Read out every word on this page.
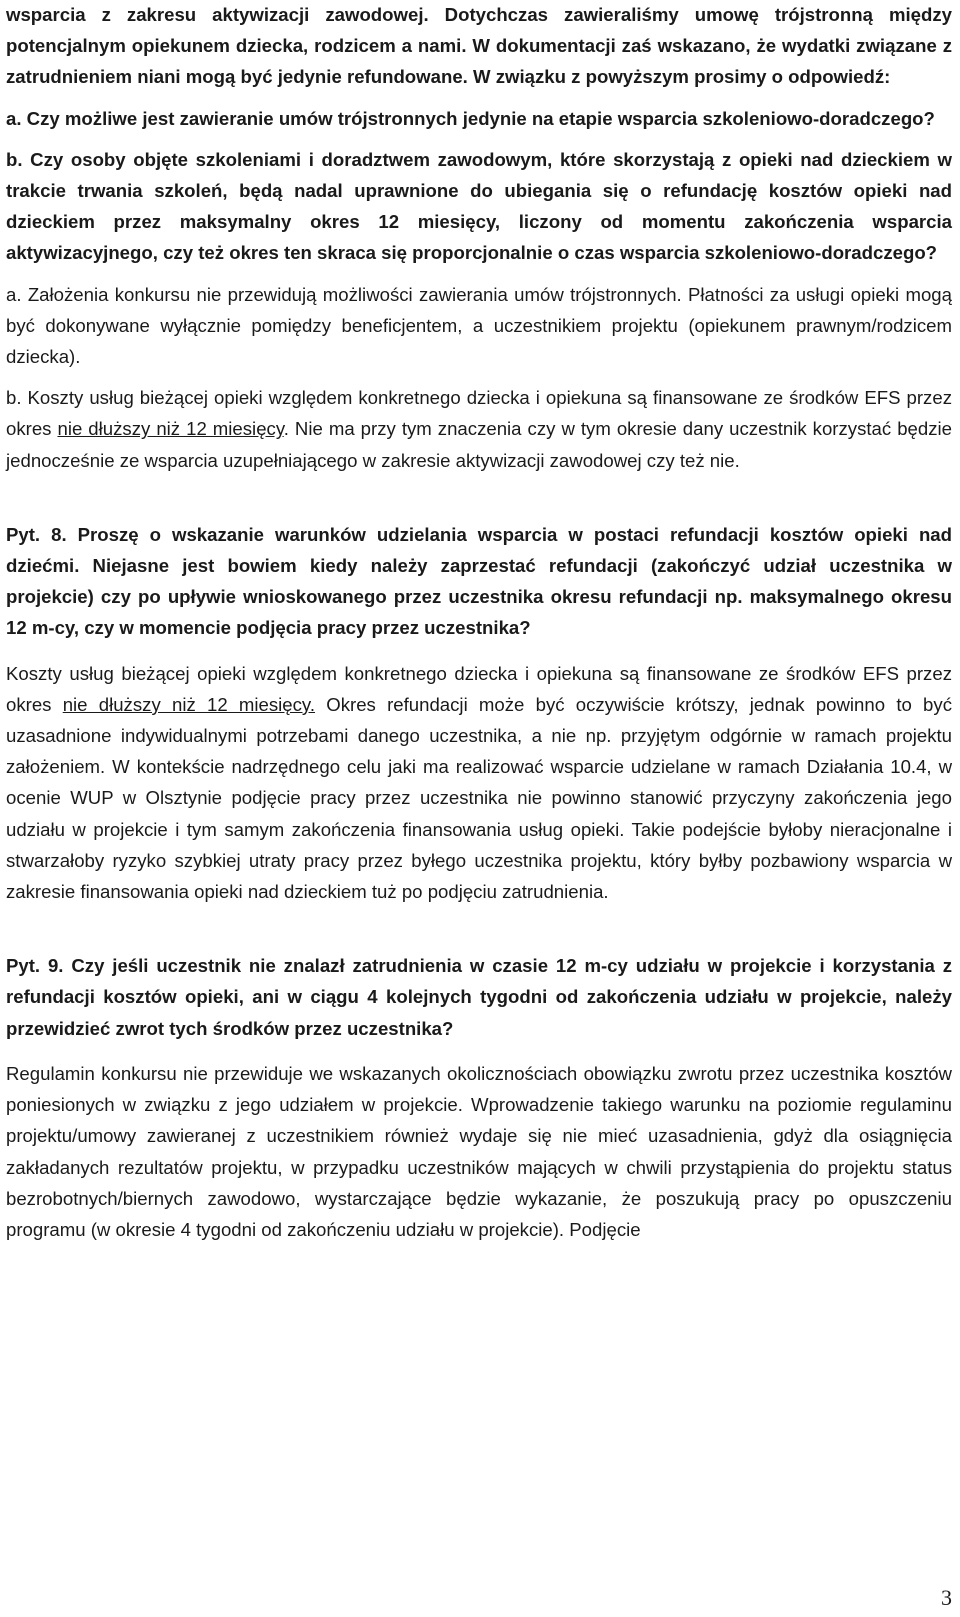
wsparcia z zakresu aktywizacji zawodowej. Dotychczas zawieraliśmy umowę trójstronną między potencjalnym opiekunem dziecka, rodzicem a nami. W dokumentacji zaś wskazano, że wydatki związane z zatrudnieniem niani mogą być jedynie refundowane. W związku z powyższym prosimy o odpowiedź:

a. Czy możliwe jest zawieranie umów trójstronnych jedynie na etapie wsparcia szkoleniowo-doradczego?

b. Czy osoby objęte szkoleniami i doradztwem zawodowym, które skorzystają z opieki nad dzieckiem w trakcie trwania szkoleń, będą nadal uprawnione do ubiegania się o refundację kosztów opieki nad dzieckiem przez maksymalny okres 12 miesięcy, liczony od momentu zakończenia wsparcia aktywizacyjnego, czy też okres ten skraca się proporcjonalnie o czas wsparcia szkoleniowo-doradczego?

a. Założenia konkursu nie przewidują możliwości zawierania umów trójstronnych. Płatności za usługi opieki mogą być dokonywane wyłącznie pomiędzy beneficjentem, a uczestnikiem projektu (opiekunem prawnym/rodzicem dziecka).

b. Koszty usług bieżącej opieki względem konkretnego dziecka i opiekuna są finansowane ze środków EFS przez okres nie dłuższy niż 12 miesięcy. Nie ma przy tym znaczenia czy w tym okresie dany uczestnik korzystać będzie jednocześnie ze wsparcia uzupełniającego w zakresie aktywizacji zawodowej czy też nie.

Pyt. 8. Proszę o wskazanie warunków udzielania wsparcia w postaci refundacji kosztów opieki nad dziećmi. Niejasne jest bowiem kiedy należy zaprzestać refundacji (zakończyć udział uczestnika w projekcie) czy po upływie wnioskowanego przez uczestnika okresu refundacji np. maksymalnego okresu 12 m-cy, czy w momencie podjęcia pracy przez uczestnika?

Koszty usług bieżącej opieki względem konkretnego dziecka i opiekuna są finansowane ze środków EFS przez okres nie dłuższy niż 12 miesięcy. Okres refundacji może być oczywiście krótszy, jednak powinno to być uzasadnione indywidualnymi potrzebami danego uczestnika, a nie np. przyjętym odgórnie w ramach projektu założeniem. W kontekście nadrzędnego celu jaki ma realizować wsparcie udzielane w ramach Działania 10.4, w ocenie WUP w Olsztynie podjęcie pracy przez uczestnika nie powinno stanowić przyczyny zakończenia jego udziału w projekcie i tym samym zakończenia finansowania usług opieki. Takie podejście byłoby nieracjonalne i stwarzałoby ryzyko szybkiej utraty pracy przez byłego uczestnika projektu, który byłby pozbawiony wsparcia w zakresie finansowania opieki nad dzieckiem tuż po podjęciu zatrudnienia.

Pyt. 9. Czy jeśli uczestnik nie znalazł zatrudnienia w czasie 12 m-cy udziału w projekcie i korzystania z refundacji kosztów opieki, ani w ciągu 4 kolejnych tygodni od zakończenia udziału w projekcie, należy przewidzieć zwrot tych środków przez uczestnika?

Regulamin konkursu nie przewiduje we wskazanych okolicznościach obowiązku zwrotu przez uczestnika kosztów poniesionych w związku z jego udziałem w projekcie. Wprowadzenie takiego warunku na poziomie regulaminu projektu/umowy zawieranej z uczestnikiem również wydaje się nie mieć uzasadnienia, gdyż dla osiągnięcia zakładanych rezultatów projektu, w przypadku uczestników mających w chwili przystąpienia do projektu status bezrobotnych/biernych zawodowo, wystarczające będzie wykazanie, że poszukują pracy po opuszczeniu programu (w okresie 4 tygodni od zakończeniu udziału w projekcie). Podjęcie

3
